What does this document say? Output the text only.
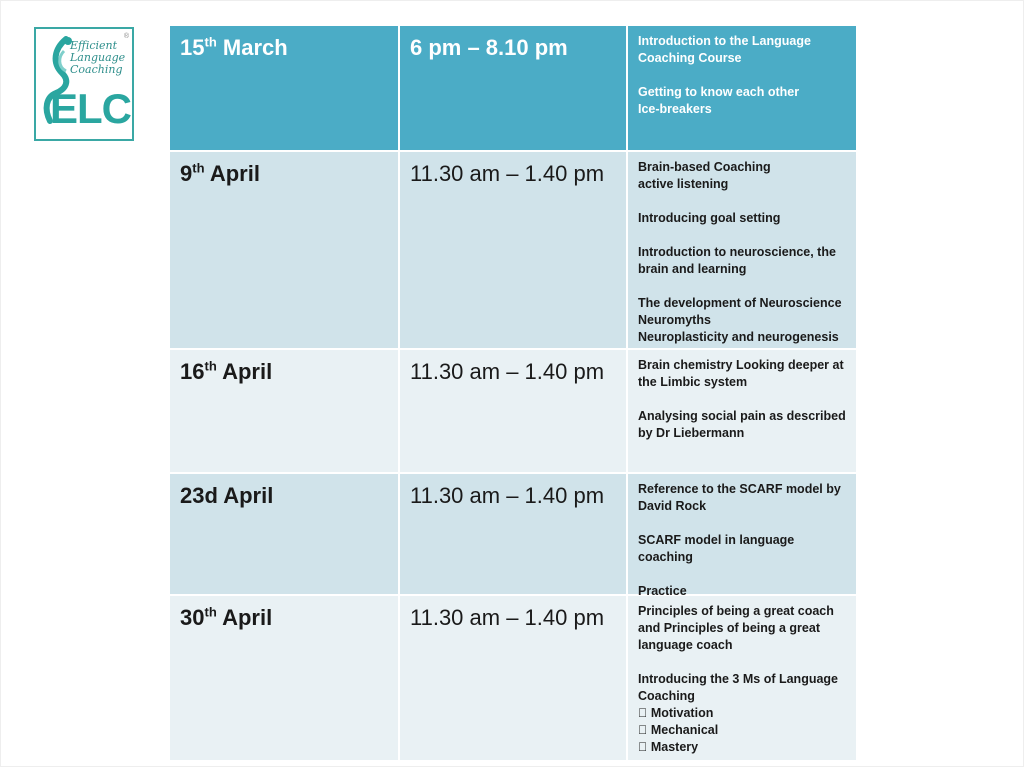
®
Efficient
Language
Coaching
ELC
15th March	6 pm – 8.10 pm	Introduction to the Language
Coaching Course
Getting to know each other
Ice-breakers
9th April	11.30 am – 1.40 pm	Brain-based Coaching
active listening
Introducing goal setting
Introduction to neuroscience, the
brain and learning
The development of Neuroscience
Neuromyths
Neuroplasticity and neurogenesis
16th April	11.30 am – 1.40 pm	Brain chemistry Looking deeper at
the Limbic system
Analysing social pain as described
by Dr Liebermann
23d April	11.30 am – 1.40 pm	Reference to the SCARF model by
David Rock
SCARF model in language coaching
Practice
30th April	11.30 am – 1.40 pm	Principles of being a great coach
and Principles of being a great
language coach
Introducing the 3 Ms of Language
Coaching
  Motivation
  Mechanical
  Mastery
